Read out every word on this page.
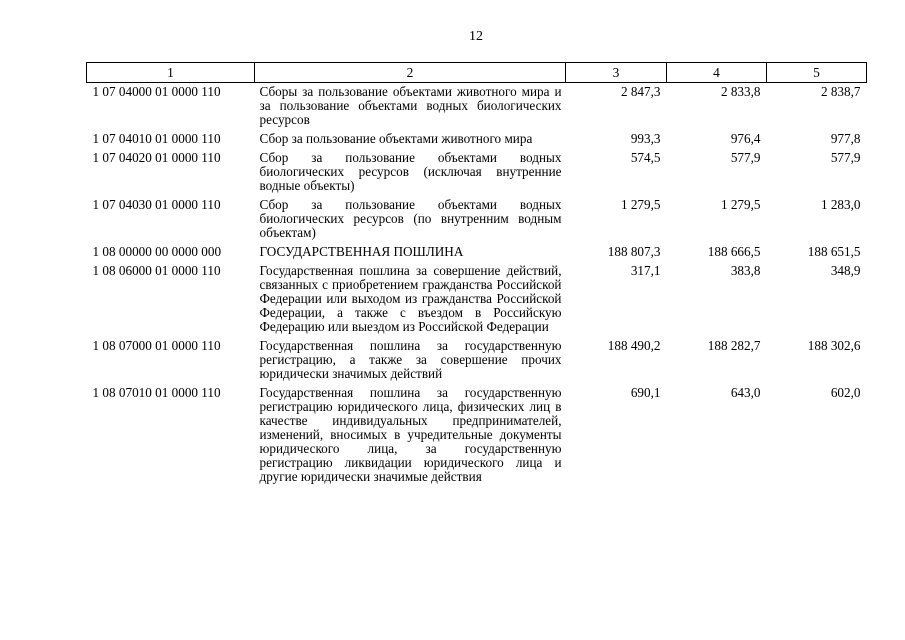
12
1	2	3	4	5
1 07 04000 01 0000 110	Сборы за пользование объектами животного мира и за пользование объектами водных биологических ресурсов	2 847,3	2 833,8	2 838,7
1 07 04010 01 0000 110	Сбор за пользование объектами животного мира	993,3	976,4	977,8
1 07 04020 01 0000 110	Сбор за пользование объектами водных биологических ресурсов (исключая внутренние водные объекты)	574,5	577,9	577,9
1 07 04030 01 0000 110	Сбор за пользование объектами водных биологических ресурсов (по внутренним водным объектам)	1 279,5	1 279,5	1 283,0
1 08 00000 00 0000 000	ГОСУДАРСТВЕННАЯ ПОШЛИНА	188 807,3	188 666,5	188 651,5
1 08 06000 01 0000 110	Государственная пошлина за совершение действий, связанных с приобретением гражданства Российской Федерации или выходом из гражданства Российской Федерации, а также с въездом в Российскую Федерацию или выездом из Российской Федерации	317,1	383,8	348,9
1 08 07000 01 0000 110	Государственная пошлина за государственную регистрацию, а также за совершение прочих юридически значимых действий	188 490,2	188 282,7	188 302,6
1 08 07010 01 0000 110	Государственная пошлина за государственную регистрацию юридического лица, физических лиц в качестве индивидуальных предпринимателей, изменений, вносимых в учредительные документы юридического лица, за государственную регистрацию ликвидации юридического лица и другие юридически значимые действия	690,1	643,0	602,0
